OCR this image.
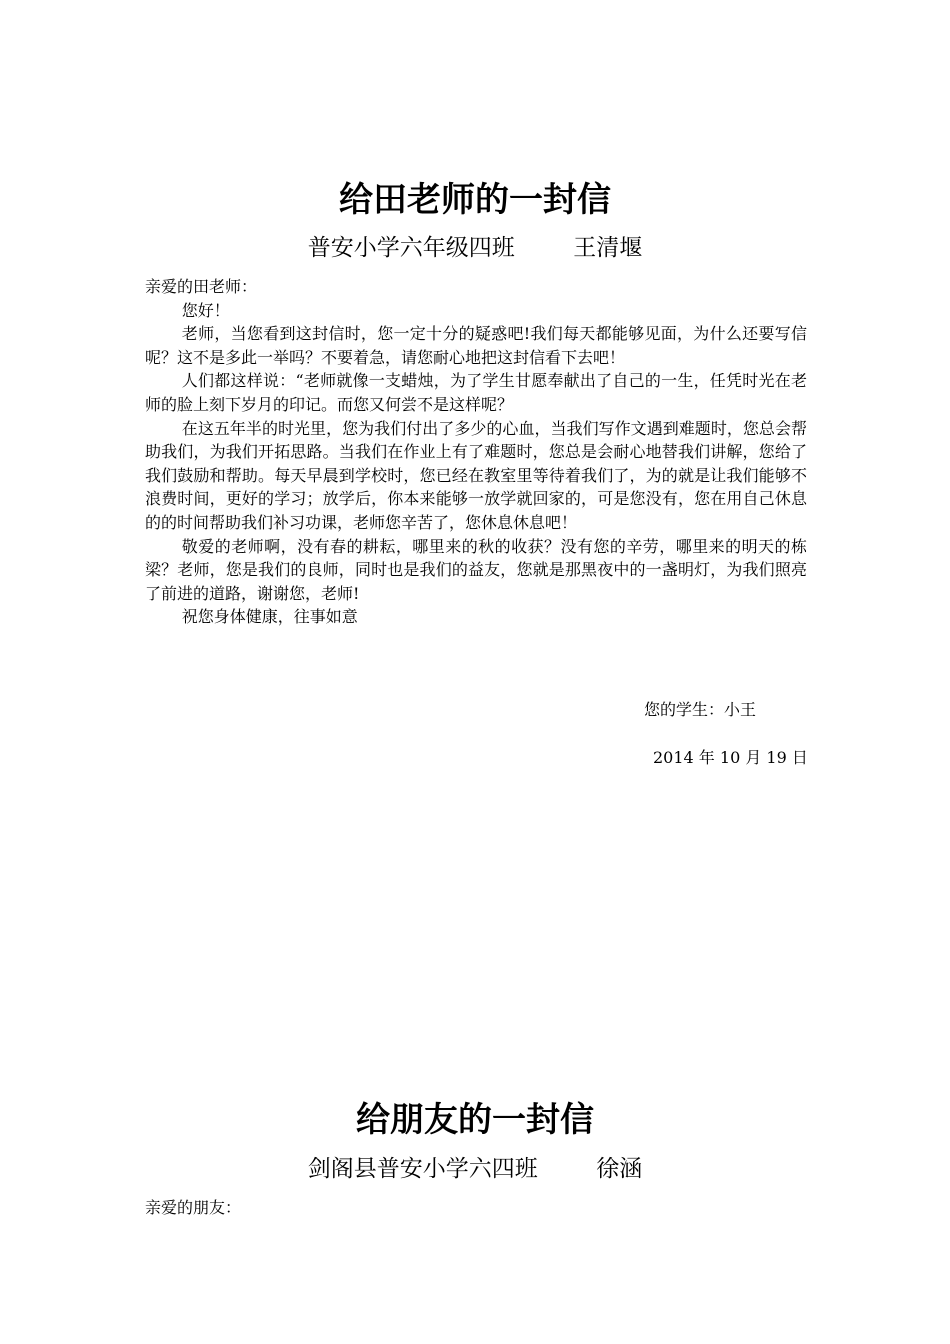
给田老师的一封信
普安小学六年级四班        王清堰

亲爱的田老师：

您好！

老师，当您看到这封信时，您一定十分的疑惑吧!我们每天都能够见面，为什么还要写信呢？这不是多此一举吗？不要着急，请您耐心地把这封信看下去吧！

人们都这样说：“老师就像一支蜡烛，为了学生甘愿奉献出了自己的一生，任凭时光在老师的脸上刻下岁月的印记。而您又何尝不是这样呢？

在这五年半的时光里，您为我们付出了多少的心血，当我们写作文遇到难题时，您总会帮助我们，为我们开拓思路。当我们在作业上有了难题时，您总是会耐心地替我们讲解，您给了我们鼓励和帮助。每天早晨到学校时，您已经在教室里等待着我们了，为的就是让我们能够不浪费时间，更好的学习；放学后，你本来能够一放学就回家的，可是您没有，您在用自己休息的的时间帮助我们补习功课，老师您辛苦了，您休息休息吧！

敬爱的老师啊，没有春的耕耘，哪里来的秋的收获？没有您的辛劳，哪里来的明天的栋梁？老师，您是我们的良师，同时也是我们的益友，您就是那黑夜中的一盏明灯，为我们照亮了前进的道路，谢谢您，老师!

祝您身体健康，往事如意

您的学生：小王
2014 年 10 月 19 日
给朋友的一封信
剑阁县普安小学六四班        徐涵
亲爱的朋友：
